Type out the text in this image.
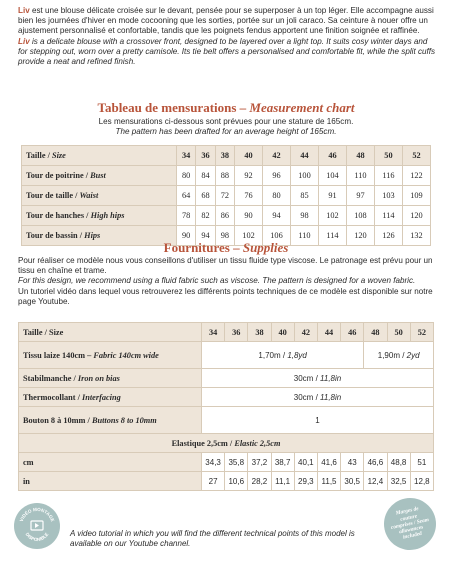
Liv est une blouse délicate croisée sur le devant, pensée pour se superposer à un top léger. Elle accompagne aussi bien les journées d'hiver en mode cocooning que les sorties, portée sur un joli caraco. Sa ceinture à nouer offre un ajustement personnalisé et confortable, tandis que les poignets fendus apportent une finition soignée et raffinée.

Liv is a delicate blouse with a crossover front, designed to be layered over a light top. It suits cosy winter days and for stepping out, worn over a pretty camisole. Its tie belt offers a personalised and comfortable fit, while the split cuffs provide a neat and refined finish.

Tableau de mensurations – Measurement chart
Les mensurations ci-dessous sont prévues pour une stature de 165cm.
The pattern has been drafted for an average height of 165cm.
Taille / Size	34	36	38	40	42	44	46	48	50	52
Tour de poitrine / Bust	80	84	88	92	96	100	104	110	116	122
Tour de taille / Waist	64	68	72	76	80	85	91	97	103	109
Tour de hanches / High hips	78	82	86	90	94	98	102	108	114	120
Tour de bassin / Hips	90	94	98	102	106	110	114	120	126	132
Fournitures – Supplies

Pour réaliser ce modèle nous vous conseillons d'utiliser un tissu fluide type viscose. Le patronage est prévu pour un tissu en chaîne et trame.

For this design, we recommend using a fluid fabric such as viscose. The pattern is designed for a woven fabric.

Un tutoriel vidéo dans lequel vous retrouverez les différents points techniques de ce modèle est disponible sur notre page Youtube.

Taille / Size	34	36	38	40	42	44	46	48	50	52
Tissu laize 140cm – Fabric 140cm wide	1,70m / 1,8yd							1,90m / 2yd		
Stabilmanche / Iron on bias	30cm / 11,8in									
Thermocollant / Interfacing	30cm / 11,8in									
Bouton 8 à 10mm / Buttons 8 to 10mm	1									
Elastique 2,5cm / Elastic 2,5cm										
cm	34,3	35,8	37,2	38,7	40,1	41,6	43	46,6	48,8	51
in	27	10,6	28,2	11,1	29,3	11,5	30,5	12,4	32,5	12,8
VIDÉO MONTAGE
DISPONIBLE	A video tutorial in which you will find the different technical points of this model is available on our Youtube channel.
Marges de couture comprises / Seam allowances included
